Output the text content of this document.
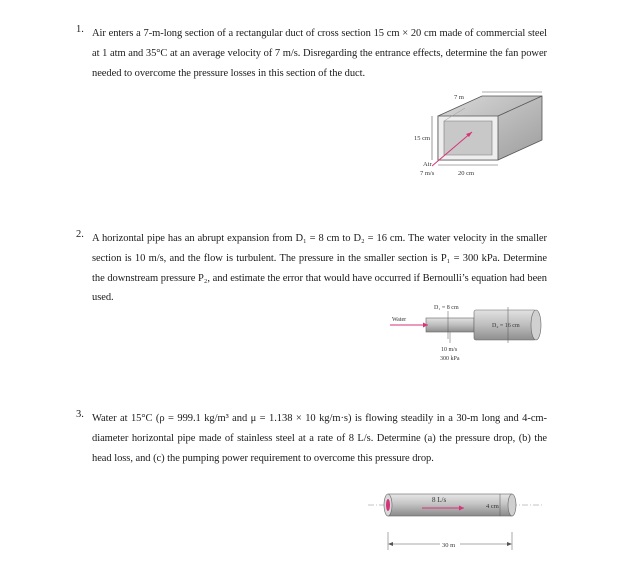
1. Air enters a 7-m-long section of a rectangular duct of cross section 15 cm × 20 cm made of commercial steel at 1 atm and 35°C at an average velocity of 7 m/s. Disregarding the entrance effects, determine the fan power needed to overcome the pressure losses in this section of the duct.

7 m
15 cm
20 cm
Air
7 m/s
2. A horizontal pipe has an abrupt expansion from D₁ = 8 cm to D₂ = 16 cm. The water velocity in the smaller section is 10 m/s, and the flow is turbulent. The pressure in the smaller section is P₁ = 300 kPa. Determine the downstream pressure P₂, and estimate the error that would have occurred if Bernoulli’s equation had been used.

D₁ = 8 cm
D₂ = 16 cm
Water
10 m/s
300 kPa
3. Water at 15°C (ρ = 999.1 kg/m³ and μ = 1.138 × 10 kg/m·s) is flowing steadily in a 30-m long and 4-cm-diameter horizontal pipe made of stainless steel at a rate of 8 L/s. Determine (a) the pressure drop, (b) the head loss, and (c) the pumping power requirement to overcome this pressure drop.

8 L/s
4 cm
30 m
